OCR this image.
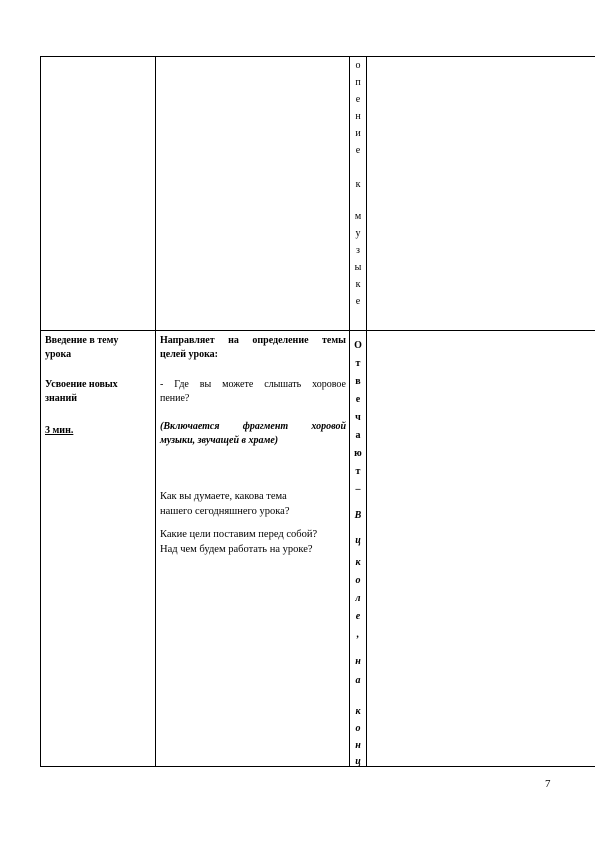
о
п
е
н
и
е
к
м
у
з
ы
к
е
Введение в тему
урока
Усвоение новых
знаний
3 мин.
Направляет на определение темы
целей урока:
- Где вы можете слышать хоровое
пение?
(Включается фрагмент хоровой
музыки, звучащей в храме)
Как вы думаете, какова тема
нашего сегодняшнего урока?
Какие цели поставим перед собой?
Над чем будем работать на уроке?
О
т
в
е
ч
а
ю
т
–
В
ц
к
о
л
е
,
н
а
к
о
н
ц
7
